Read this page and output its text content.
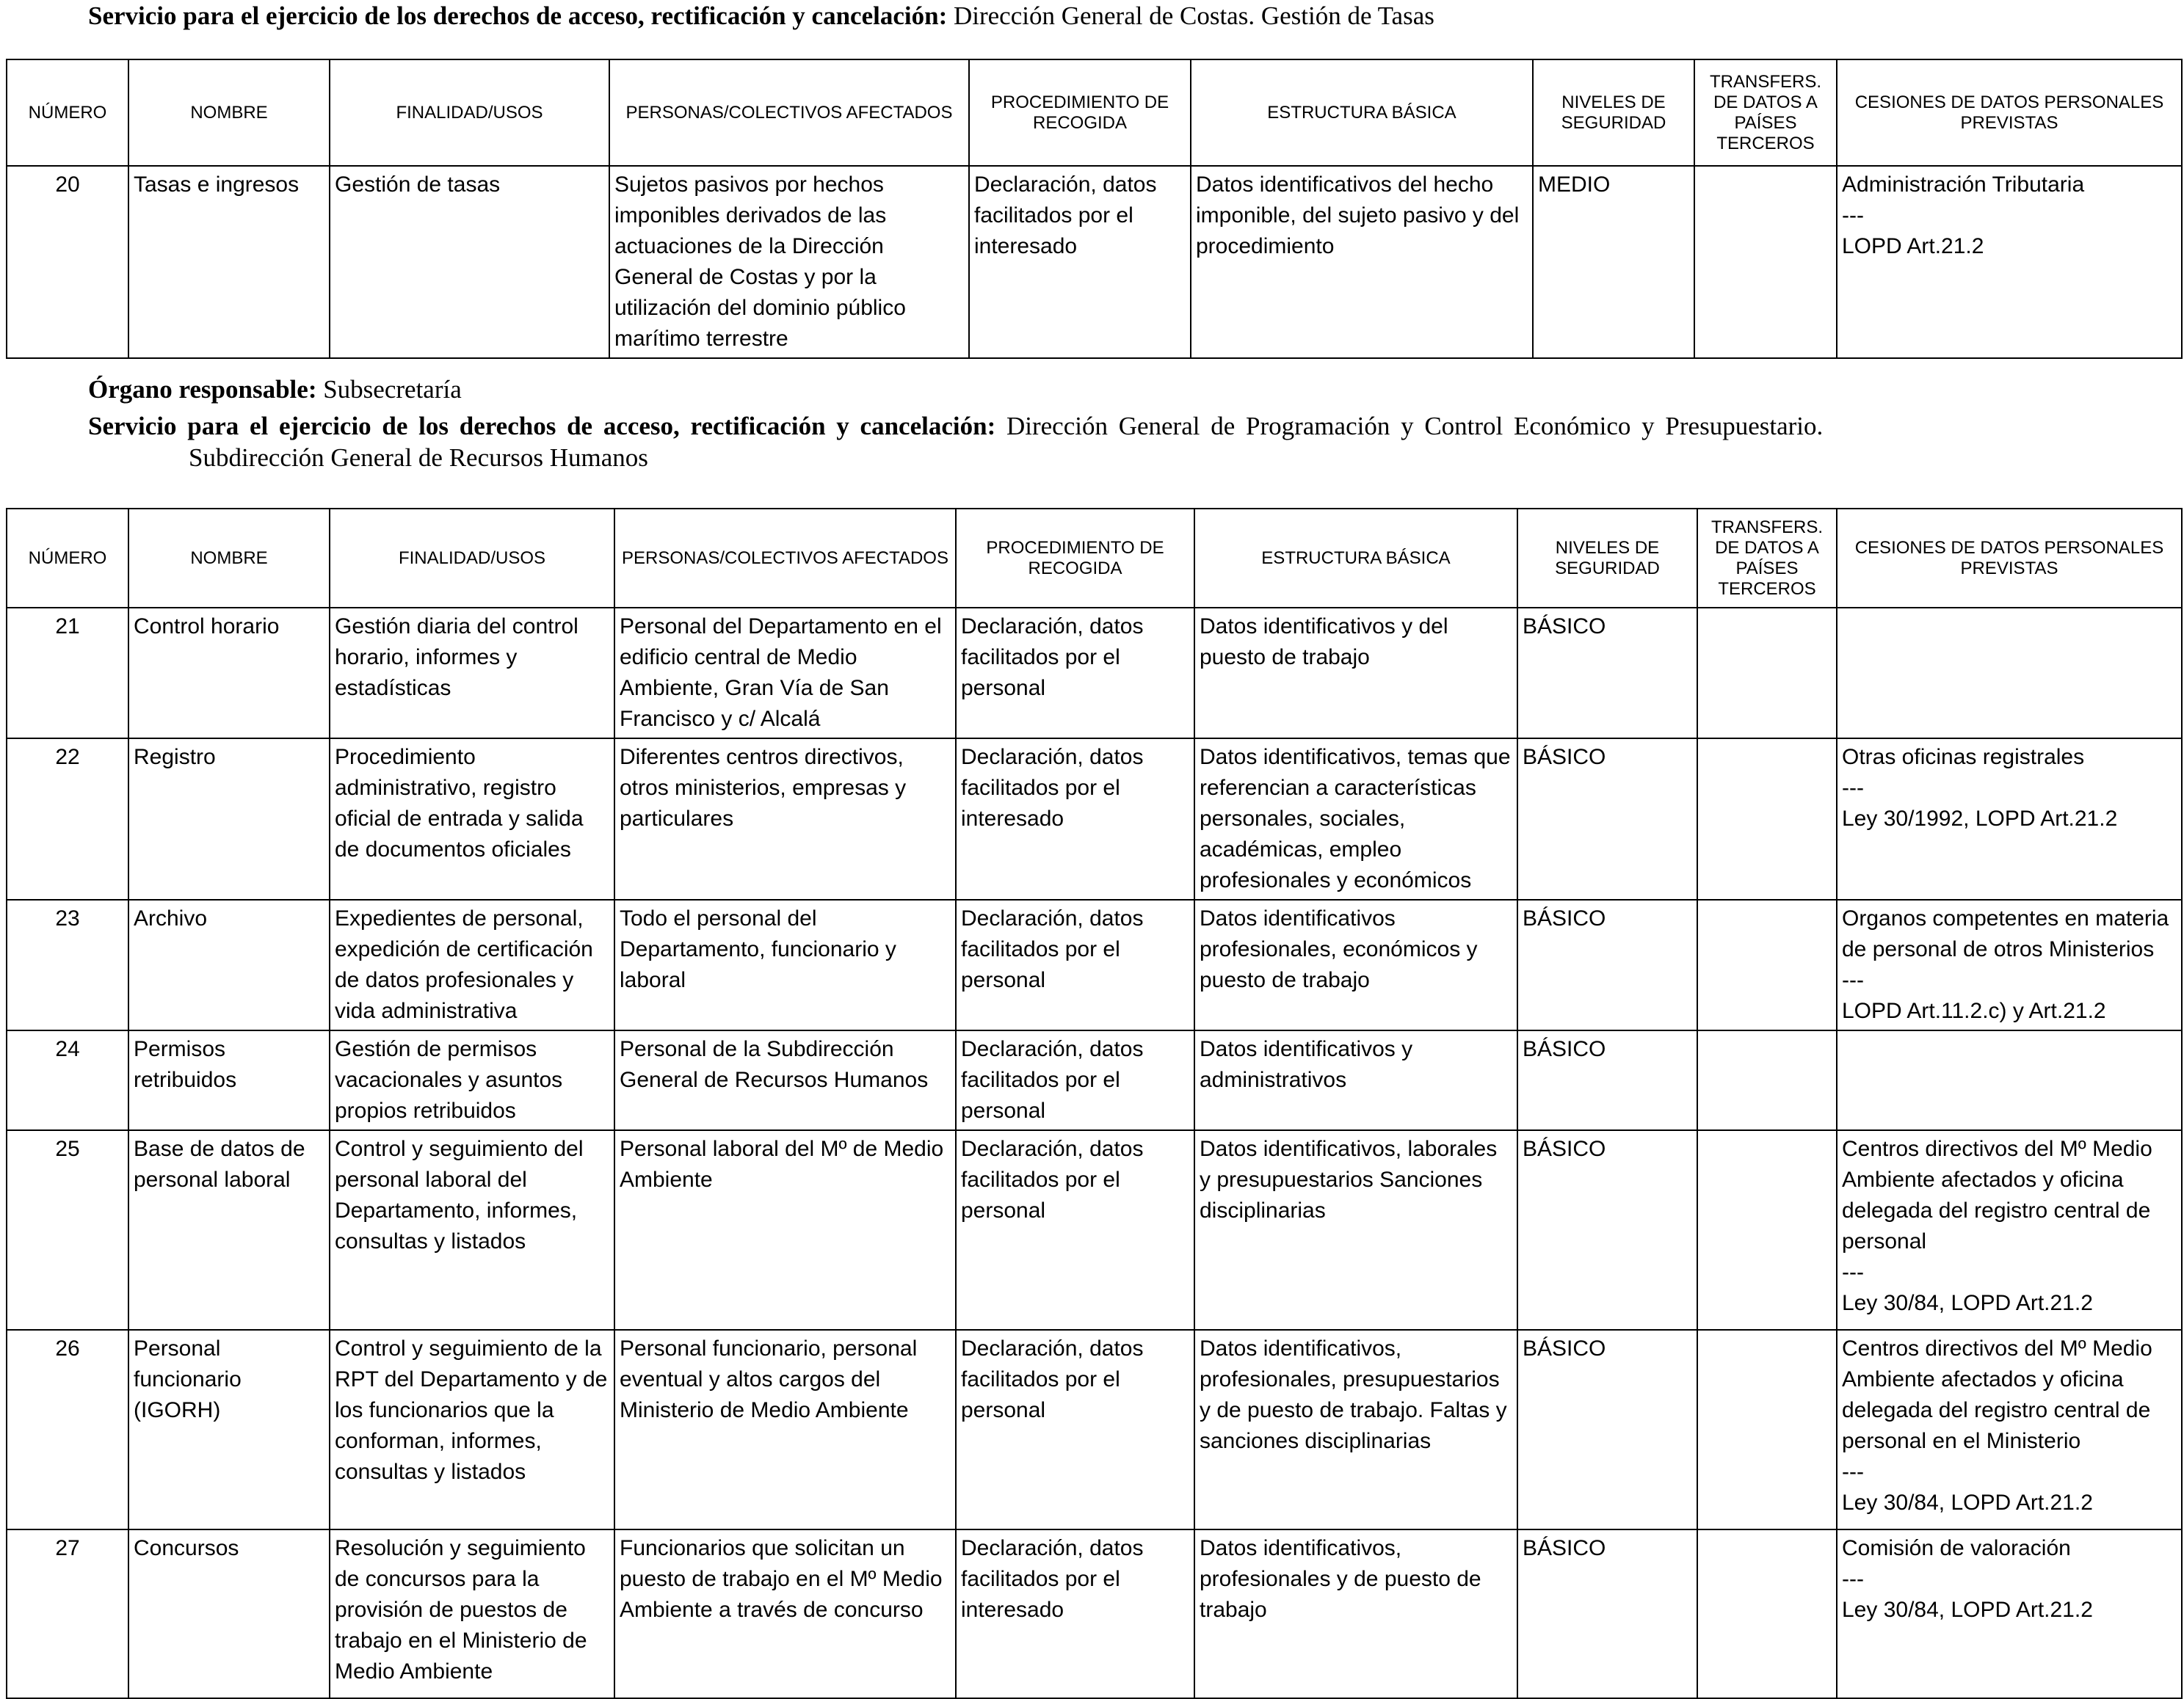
Servicio para el ejercicio de los derechos de acceso, rectificación y cancelación: Dirección General de Costas. Gestión de Tasas
NÚMERO	NOMBRE	FINALIDAD/USOS	PERSONAS/COLECTIVOS AFECTADOS	PROCEDIMIENTO DE RECOGIDA	ESTRUCTURA BÁSICA	NIVELES DE SEGURIDAD	TRANSFERS. DE DATOS A PAÍSES TERCEROS	CESIONES DE DATOS PERSONALES PREVISTAS
20	Tasas e ingresos	Gestión de tasas	Sujetos pasivos por hechos imponibles derivados de las actuaciones de la Dirección General de Costas y por la utilización del dominio público marítimo terrestre	Declaración, datos facilitados por el interesado	Datos identificativos del hecho imponible, del sujeto pasivo y del procedimiento	MEDIO		Administración Tributaria
---
LOPD Art.21.2
Órgano responsable: Subsecretaría
Servicio para el ejercicio de los derechos de acceso, rectificación y cancelación: Dirección General de Programación y Control Económico y Presupuestario.
Subdirección General de Recursos Humanos
NÚMERO	NOMBRE	FINALIDAD/USOS	PERSONAS/COLECTIVOS AFECTADOS	PROCEDIMIENTO DE RECOGIDA	ESTRUCTURA BÁSICA	NIVELES DE SEGURIDAD	TRANSFERS. DE DATOS A PAÍSES TERCEROS	CESIONES DE DATOS PERSONALES PREVISTAS
21	Control horario	Gestión diaria del control horario, informes y estadísticas	Personal del Departamento en el edificio central de Medio Ambiente, Gran Vía de San Francisco y c/ Alcalá	Declaración, datos facilitados por el personal	Datos identificativos y del puesto de trabajo	BÁSICO		
22	Registro	Procedimiento administrativo, registro oficial de entrada y salida de documentos oficiales	Diferentes centros directivos, otros ministerios, empresas y particulares	Declaración, datos facilitados por el interesado	Datos identificativos, temas que referencian a características personales, sociales, académicas, empleo profesionales y económicos	BÁSICO		Otras oficinas registrales
---
Ley 30/1992, LOPD Art.21.2

23	Archivo	Expedientes de personal, expedición de certificación de datos profesionales y vida administrativa	Todo el personal del Departamento, funcionario y laboral	Declaración, datos facilitados por el personal	Datos identificativos profesionales, económicos y puesto de trabajo	BÁSICO		Organos competentes en materia de personal de otros Ministerios
---
LOPD Art.11.2.c) y Art.21.2

24	Permisos retribuidos	Gestión de permisos vacacionales y asuntos propios retribuidos	Personal de la Subdirección General de Recursos Humanos	Declaración, datos facilitados por el personal	Datos identificativos y administrativos	BÁSICO		
25	Base de datos de personal laboral	Control y seguimiento del personal laboral del Departamento, informes, consultas y listados	Personal laboral del Mº de Medio Ambiente	Declaración, datos facilitados por el personal	Datos identificativos, laborales y presupuestarios Sanciones disciplinarias	BÁSICO		Centros directivos del Mº Medio Ambiente afectados y oficina delegada del registro central de personal
---
Ley 30/84, LOPD Art.21.2

26	Personal funcionario (IGORH)	Control y seguimiento de la RPT del Departamento y de los funcionarios que la conforman, informes, consultas y listados	Personal funcionario, personal eventual y altos cargos del Ministerio de Medio Ambiente	Declaración, datos facilitados por el personal	Datos identificativos, profesionales, presupuestarios y de puesto de trabajo. Faltas y sanciones disciplinarias	BÁSICO		Centros directivos del Mº Medio Ambiente afectados y oficina delegada del registro central de personal en el Ministerio
---
Ley 30/84, LOPD Art.21.2

27	Concursos	Resolución y seguimiento de concursos para la provisión de puestos de trabajo en el Ministerio de Medio Ambiente	Funcionarios que solicitan un puesto de trabajo en el Mº Medio Ambiente a través de concurso	Declaración, datos facilitados por el interesado	Datos identificativos, profesionales y de puesto de trabajo	BÁSICO		Comisión de valoración
---
Ley 30/84, LOPD Art.21.2
